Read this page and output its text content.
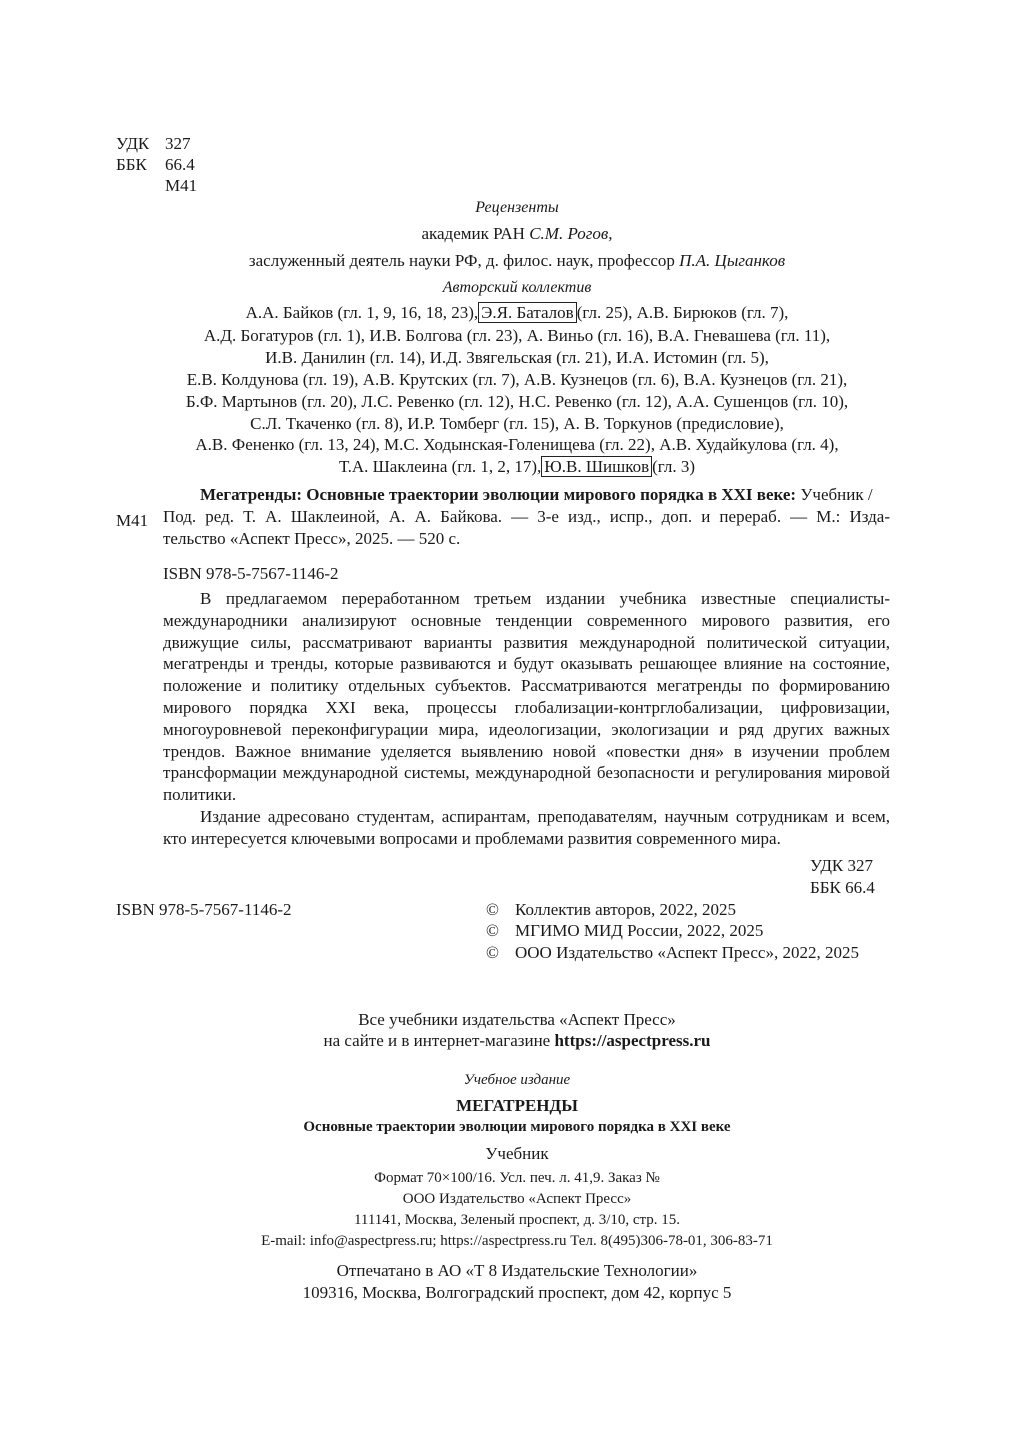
УДК 327
ББК 66.4
М41
Рецензенты
академик РАН С.М. Рогов,
заслуженный деятель науки РФ, д. филос. наук, профессор П.А. Цыганков
Авторский коллектив
А.А. Байков (гл. 1, 9, 16, 18, 23), Э.Я. Баталов (гл. 25), А.В. Бирюков (гл. 7),
А.Д. Богатуров (гл. 1), И.В. Болгова (гл. 23), А. Виньо (гл. 16), В.А. Гневашева (гл. 11),
И.В. Данилин (гл. 14), И.Д. Звягельская (гл. 21), И.А. Истомин (гл. 5),
Е.В. Колдунова (гл. 19), А.В. Крутских (гл. 7), А.В. Кузнецов (гл. 6), В.А. Кузнецов (гл. 21),
Б.Ф. Мартынов (гл. 20), Л.С. Ревенко (гл. 12), Н.С. Ревенко (гл. 12), А.А. Сушенцов (гл. 10),
С.Л. Ткаченко (гл. 8), И.Р. Томберг (гл. 15), А. В. Торкунов (предисловие),
А.В. Фененко (гл. 13, 24), М.С. Ходынская-Голенищева (гл. 22), А.В. Худайкулова (гл. 4),
Т.А. Шаклеина (гл. 1, 2, 17), Ю.В. Шишков (гл. 3)
М41
Мегатренды: Основные траектории эволюции мирового порядка в XXI веке: Учебник /
Под. ред. Т. А. Шаклеиной, А. А. Байкова. — 3-е изд., испр., доп. и перераб. — М.: Изда-
тельство «Аспект Пресс», 2025. — 520 с.
ISBN 978-5-7567-1146-2

В предлагаемом переработанном третьем издании учебника известные специалисты-международники анализируют основные тенденции современного мирового развития, его движущие силы, рассматривают варианты развития международной политической ситуации, мегатренды и тренды, которые развиваются и будут оказывать решающее влияние на состояние, положение и политику отдельных субъектов. Рассматриваются мегатренды по формированию мирового порядка XXI века, процессы глобализации-контрглобализации, цифровизации, многоуровневой переконфигурации мира, идеологизации, экологизации и ряд других важных трендов. Важное внимание уделяется выявлению новой «повестки дня» в изучении проблем трансформации международной системы, международной безопасности и регулирования мировой политики.

Издание адресовано студентам, аспирантам, преподавателям, научным сотрудникам и всем, кто интересуется ключевыми вопросами и проблемами развития современного мира.

УДК 327
ББК 66.4
ISBN 978-5-7567-1146-2	© Коллектив авторов, 2022, 2025
© МГИМО МИД России, 2022, 2025
© ООО Издательство «Аспект Пресс», 2022, 2025
Все учебники издательства «Аспект Пресс»
на сайте и в интернет-магазине https://aspectpress.ru
Учебное издание
МЕГАТРЕНДЫ
Основные траектории эволюции мирового порядка в XXI веке
Учебник
Формат 70×100/16. Усл. печ. л. 41,9. Заказ №
ООО Издательство «Аспект Пресс»
111141, Москва, Зеленый проспект, д. 3/10, стр. 15.
E-mail: info@aspectpress.ru; https://aspectpress.ru Тел. 8(495)306-78-01, 306-83-71
Отпечатано в АО «Т 8 Издательские Технологии»
109316, Москва, Волгоградский проспект, дом 42, корпус 5
